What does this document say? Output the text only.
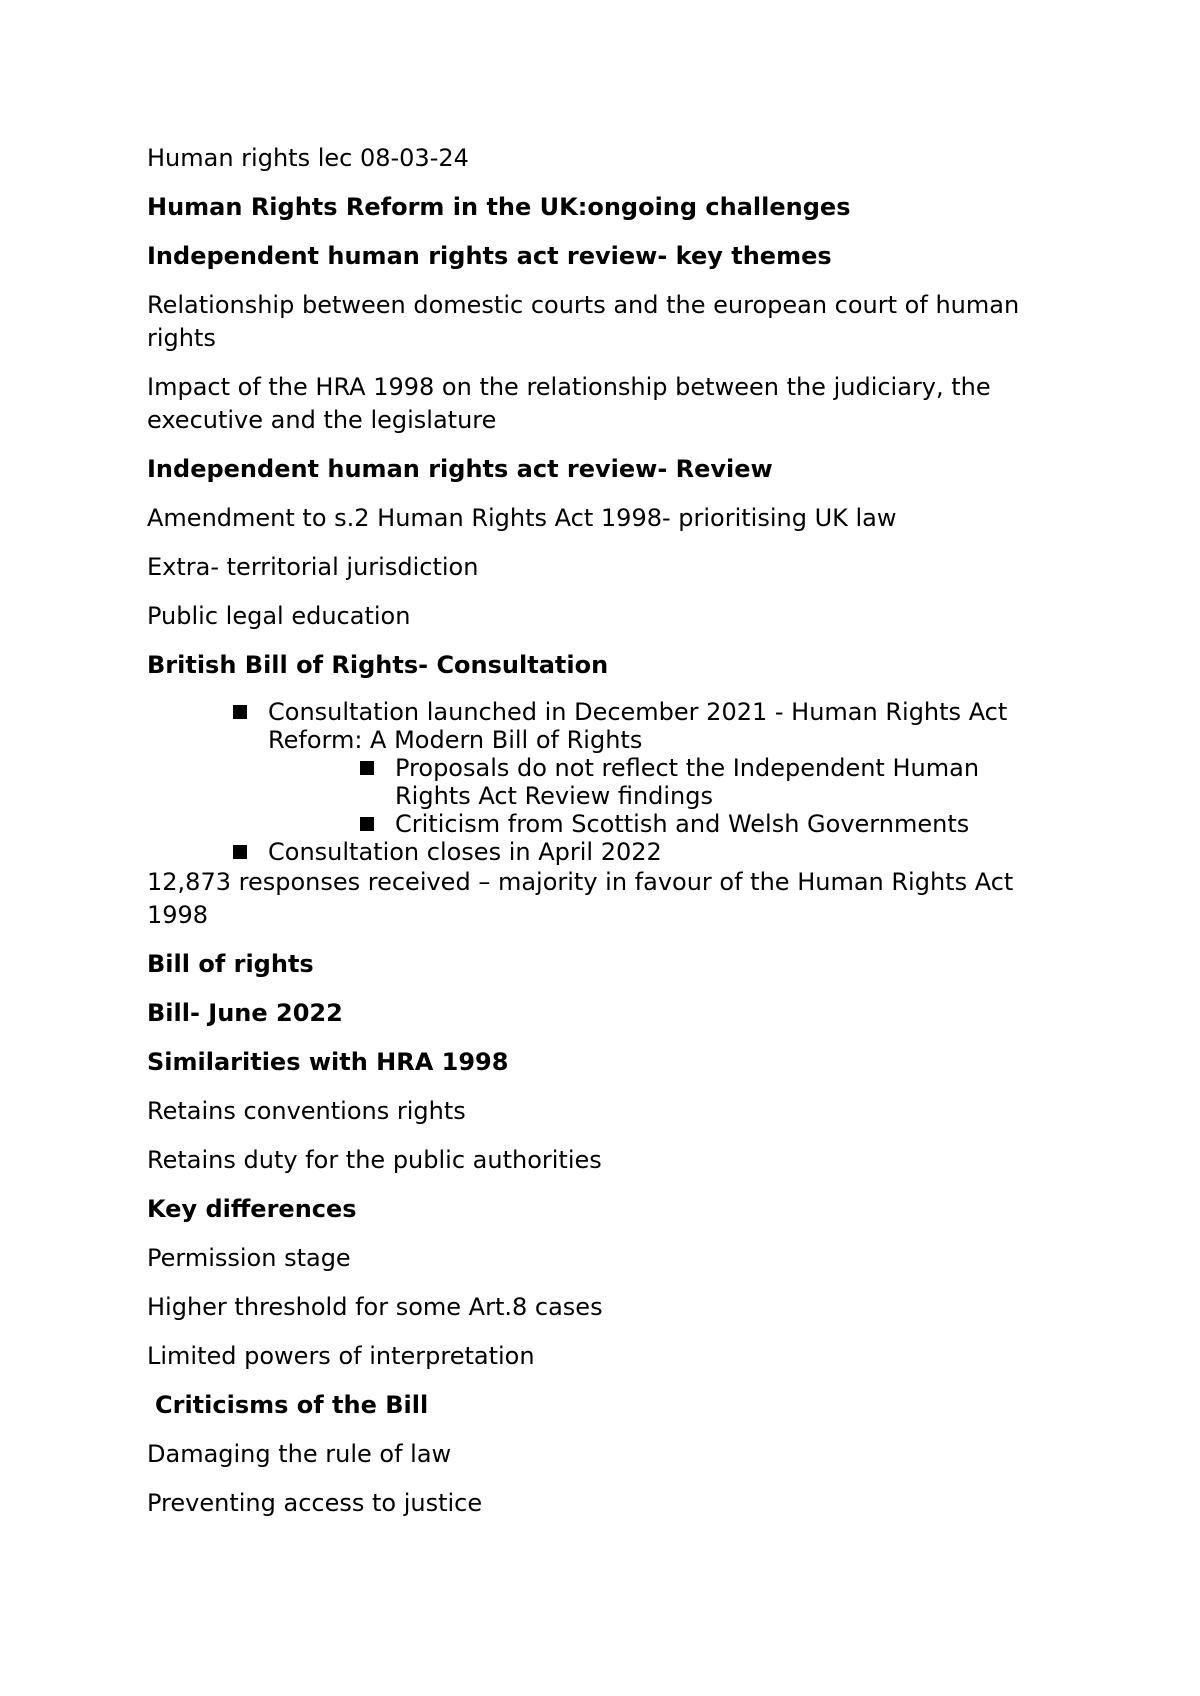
Human rights lec 08-03-24

Human Rights Reform in the UK:ongoing challenges

Independent human rights act review- key themes

Relationship between domestic courts and the european court of human rights

Impact of the HRA 1998 on the relationship between the judiciary, the executive and the legislature

Independent human rights act review- Review

Amendment to s.2 Human Rights Act 1998- prioritising UK law

Extra- territorial jurisdiction

Public legal education

British Bill of Rights- Consultation

Consultation launched in December 2021 - Human Rights Act Reform: A Modern Bill of Rights
Proposals do not reflect the Independent Human Rights Act Review findings
Criticism from Scottish and Welsh Governments
Consultation closes in April 2022

12,873 responses received – majority in favour of the Human Rights Act 1998

Bill of rights

Bill- June 2022

Similarities with HRA 1998

Retains conventions rights

Retains duty for the public authorities

Key differences

Permission stage

Higher threshold for some Art.8 cases

Limited powers of interpretation

Criticisms of the Bill

Damaging the rule of law

Preventing access to justice
